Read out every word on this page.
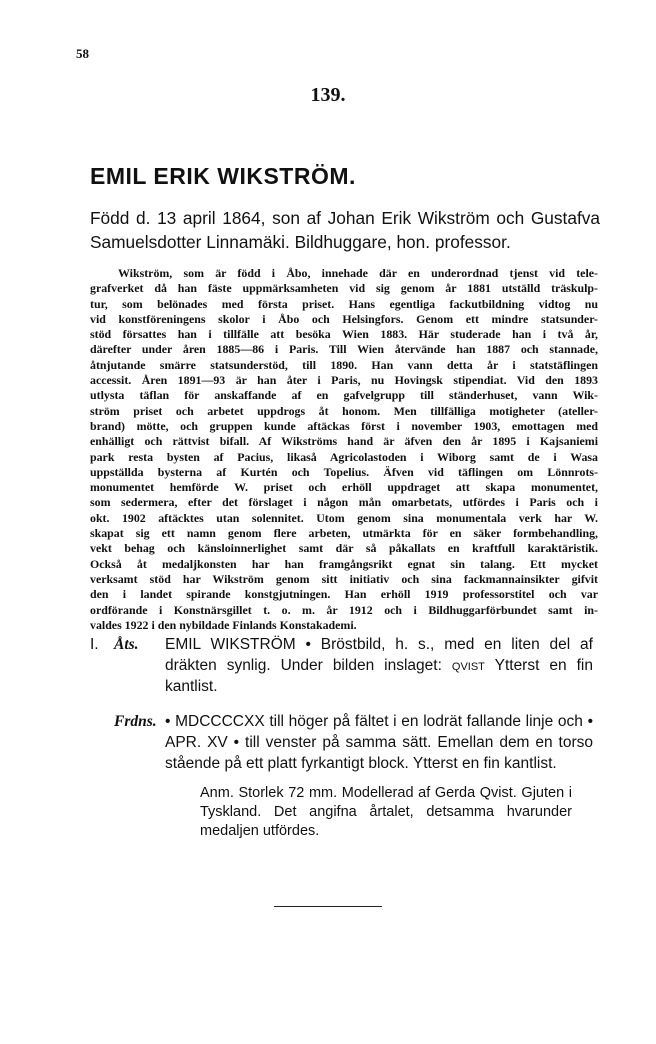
58
139.
EMIL ERIK WIKSTRÖM.
Född d. 13 april 1864, son af Johan Erik Wikström och Gustafva Samuelsdotter Linnamäki. Bildhuggare, hon. professor.
Wikström, som är född i Åbo, innehade där en underordnad tjenst vid tele-
grafverket då han fäste uppmärksamheten vid sig genom år 1881 utställd träskulp-
tur, som belönades med första priset. Hans egentliga fackutbildning vidtog nu
vid konstföreningens skolor i Åbo och Helsingfors. Genom ett mindre statsunder-
stöd försattes han i tillfälle att besöka Wien 1883. Här studerade han i två år,
därefter under åren 1885—86 i Paris. Till Wien återvände han 1887 och stannade,
åtnjutande smärre statsunderstöd, till 1890. Han vann detta år i statstäflingen
accessit. Åren 1891—93 är han åter i Paris, nu Hovingsk stipendiat. Vid den 1893
utlysta täflan för anskaffande af en gafvelgrupp till ständerhuset, vann Wik-
ström priset och arbetet uppdrogs åt honom. Men tillfälliga motigheter (ateller-
brand) mötte, och gruppen kunde aftäckas först i november 1903, emottagen med
enhälligt och rättvist bifall. Af Wikströms hand är äfven den år 1895 i Kajsaniemi
park resta bysten af Pacius, likaså Agricolastoden i Wiborg samt de i Wasa
uppställda bysterna af Kurtén och Topelius. Äfven vid täflingen om Lönnrots-
monumentet hemförde W. priset och erhöll uppdraget att skapa monumentet,
som sedermera, efter det förslaget i någon mån omarbetats, utfördes i Paris och i
okt. 1902 aftäcktes utan solennitet. Utom genom sina monumentala verk har W.
skapat sig ett namn genom flere arbeten, utmärkta för en säker formbehandling,
vekt behag och känsloinnerlighet samt där så påkallats en kraftfull karaktäristik.
Också åt medaljkonsten har han framgångsrikt egnat sin talang. Ett mycket
verksamt stöd har Wikström genom sitt initiativ och sina fackmannainsikter gifvit
den i landet spirande konstgjutningen. Han erhöll 1919 professorstitel och var
ordförande i Konstnärsgillet t. o. m. år 1912 och i Bildhuggarförbundet samt in-
valdes 1922 i den nybildade Finlands Konstakademi.
I. Åts. EMIL WIKSTRÖM • Bröstbild, h. s., med en liten del af dräkten synlig. Under bilden inslaget: qvist Ytterst en fin kantlist.
Frdns. • MDCCCCXX till höger på fältet i en lodrät fallande linje och • APR. XV • till venster på samma sätt. Emellan dem en torso stående på ett platt fyrkantigt block. Ytterst en fin kantlist.
Anm. Storlek 72 mm. Modellerad af Gerda Qvist. Gjuten i Tyskland. Det angifna årtalet, detsamma hvarunder medaljen utfördes.
